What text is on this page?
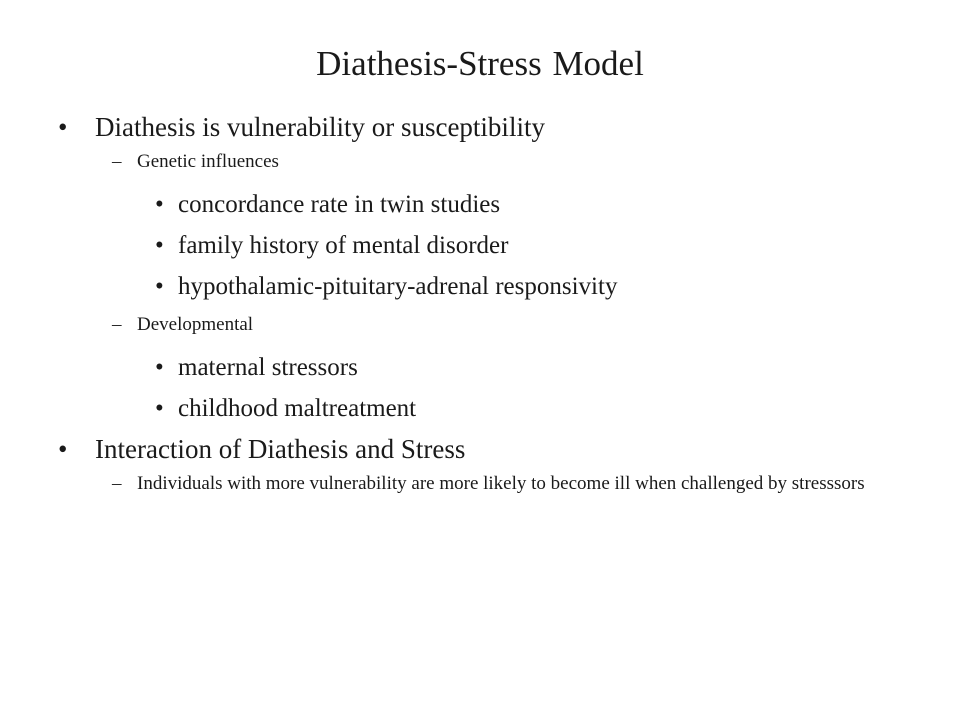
Diathesis-Stress Model
• Diathesis is vulnerability or susceptibility
– Genetic influences
• concordance rate in twin studies
• family history of mental disorder
• hypothalamic-pituitary-adrenal responsivity
– Developmental
• maternal stressors
• childhood maltreatment
• Interaction of Diathesis and Stress
– Individuals with more vulnerability are more likely to become ill when challenged by stresssors
